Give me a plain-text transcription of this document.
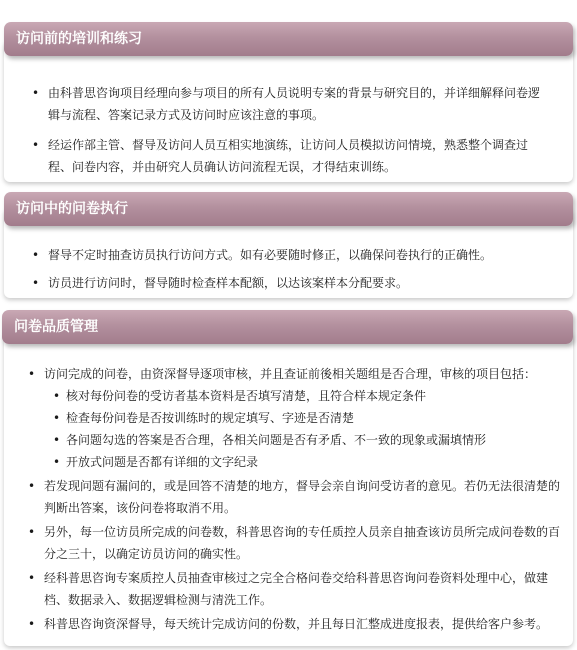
访问前的培训和练习
• 由科普思咨询项目经理向参与项目的所有人员说明专案的背景与研究目的，并详细解释问卷逻辑与流程、答案记录方式及访问时应该注意的事项。
• 经运作部主管、督导及访问人员互相实地演练，让访问人员模拟访问情境，熟悉整个调查过程、问卷内容，并由研究人员确认访问流程无误，才得结束训练。
访问中的问卷执行
• 督导不定时抽查访员执行访问方式。如有必要随时修正，以确保问卷执行的正确性。
• 访员进行访问时，督导随时检查样本配额，以达该案样本分配要求。
问卷品质管理
• 访问完成的问卷，由资深督导逐项审核，并且查证前後相关题组是否合理，审核的项目包括：
• 核对每份问卷的受访者基本资料是否填写清楚，且符合样本规定条件
• 检查每份问卷是否按训练时的规定填写、字迹是否清楚
• 各问题勾选的答案是否合理，各相关问题是否有矛盾、不一致的现象或漏填情形
• 开放式问题是否都有详细的文字纪录
• 若发现问题有漏问的，或是回答不清楚的地方，督导会亲自询问受访者的意见。若仍无法很清楚的判断出答案，该份问卷将取消不用。
• 另外，每一位访员所完成的问卷数，科普思咨询的专任质控人员亲自抽查该访员所完成问卷数的百分之三十，以确定访员访问的确实性。
• 经科普思咨询专案质控人员抽查审核过之完全合格问卷交给科普思咨询问卷资料处理中心，做建档、数据录入、数据逻辑检测与清洗工作。
• 科普思咨询资深督导，每天统计完成访问的份数，并且每日汇整成进度报表，提供给客户参考。
